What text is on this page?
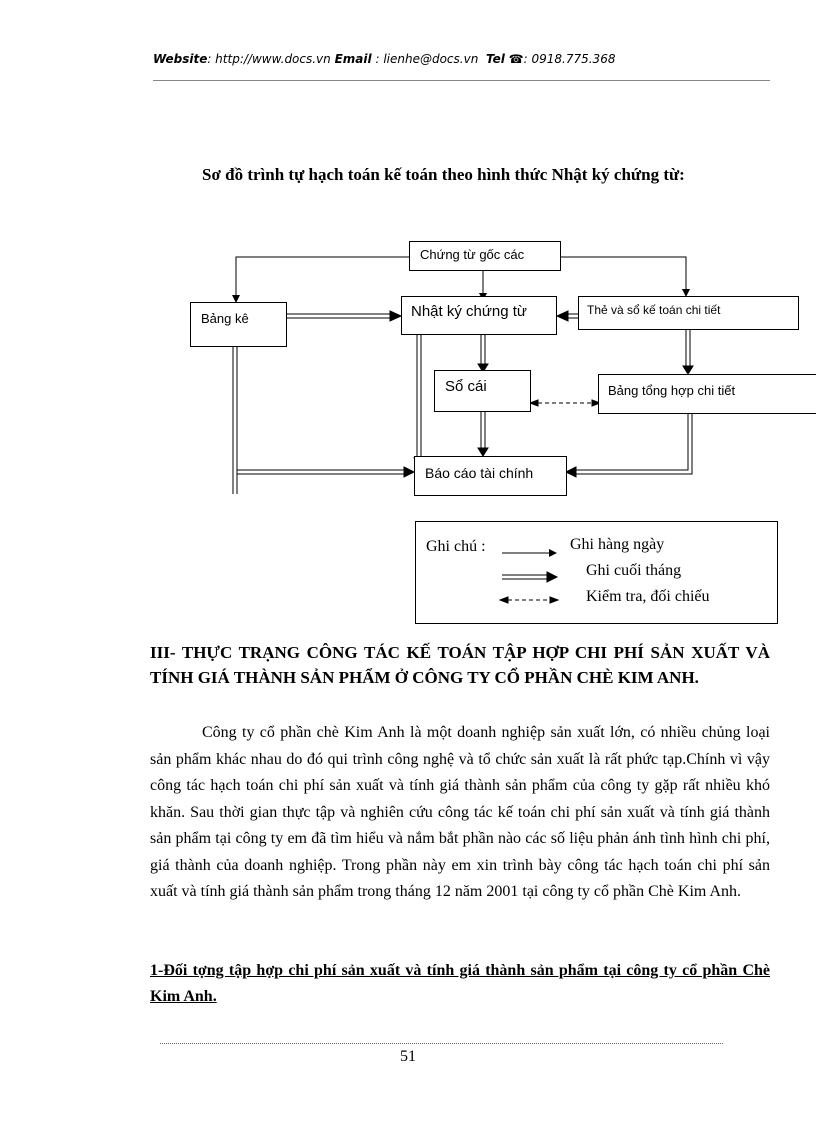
Website: http://www.docs.vn Email : lienhe@docs.vn Tel ☎: 0918.775.368
Sơ đồ trình tự hạch toán kế toán theo hình thức Nhật ký chứng từ:
Chứng từ gốc các
Bảng kê	Nhật ký chứng từ	Thẻ và sổ kế toán chi tiết
Sổ cái	Bảng tổng hợp chi tiết
Báo cáo tài chính
Ghi chú :	Ghi hàng ngày
Ghi cuối tháng
Kiểm tra, đối chiếu
III- THỰC TRẠNG CÔNG TÁC KẾ TOÁN TẬP HỢP CHI PHÍ SẢN XUẤT VÀ TÍNH GIÁ THÀNH SẢN PHẨM Ở CÔNG TY CỔ PHẦN CHÈ KIM ANH.
Công ty cổ phần chè Kim Anh là một doanh nghiệp sản xuất lớn, có nhiều chủng loại sản phẩm khác nhau do đó qui trình công nghệ và tổ chức sản xuất là rất phức tạp.Chính vì vậy công tác hạch toán chi phí sản xuất và tính giá thành sản phẩm của công ty gặp rất nhiều khó khăn. Sau thời gian thực tập và nghiên cứu công tác kế toán chi phí sản xuất và tính giá thành sản phẩm tại công ty em đã tìm hiểu và nắm bắt phần nào các số liệu phản ánh tình hình chi phí, giá thành của doanh nghiệp. Trong phần này em xin trình bày công tác hạch toán chi phí sản xuất và tính giá thành sản phẩm trong tháng 12 năm 2001 tại công ty cổ phần Chè Kim Anh.
1-Đối tợng tập hợp chi phí sản xuất và tính giá thành sản phẩm tại công ty cổ phần Chè Kim Anh.
51
